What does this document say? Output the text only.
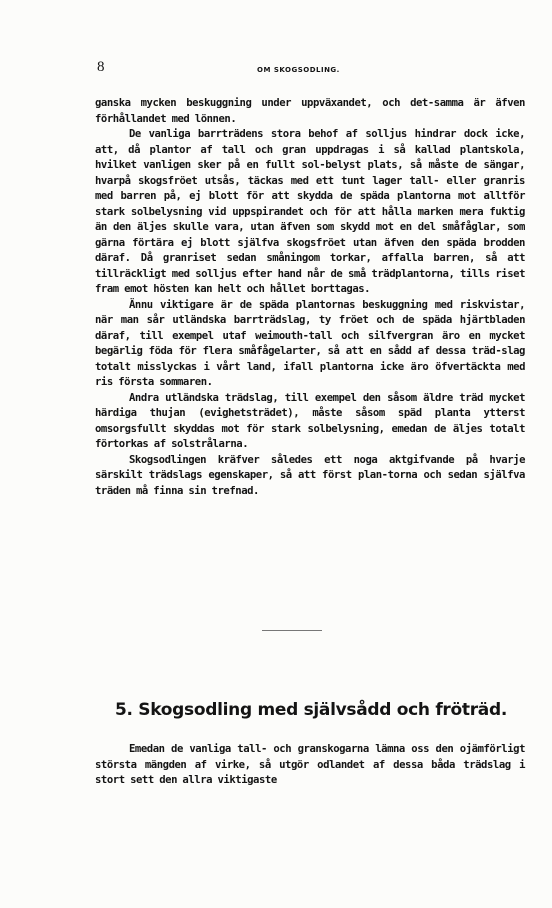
8	OM SKOGSODLING.

ganska mycken beskuggning under uppväxandet, och det-samma är äfven förhållandet med lönnen.

De vanliga barrträdens stora behof af solljus hindrar dock icke, att, då plantor af tall och gran uppdragas i så kallad plantskola, hvilket vanligen sker på en fullt sol-belyst plats, så måste de sängar, hvarpå skogsfröet utsås, täckas med ett tunt lager tall- eller granris med barren på, ej blott för att skydda de späda plantorna mot alltför stark solbelysning vid uppspirandet och för att hålla marken mera fuktig än den äljes skulle vara, utan äfven som skydd mot en del småfåglar, som gärna förtära ej blott själfva skogsfröet utan äfven den späda brodden däraf. Då granriset sedan småningom torkar, affalla barren, så att tillräckligt med solljus efter hand når de små trädplantorna, tills riset fram emot hösten kan helt och hållet borttagas.

Ännu viktigare är de späda plantornas beskuggning med riskvistar, när man sår utländska barrträdslag, ty fröet och de späda hjärtbladen däraf, till exempel utaf weimouth-tall och silfvergran äro en mycket begärlig föda för flera småfågelarter, så att en sådd af dessa träd-slag totalt misslyckas i vårt land, ifall plantorna icke äro öfvertäckta med ris första sommaren.

Andra utländska trädslag, till exempel den såsom äldre träd mycket härdiga thujan (evighetsträdet), måste såsom späd planta ytterst omsorgsfullt skyddas mot för stark solbelysning, emedan de äljes totalt förtorkas af solstrålarna.

Skogsodlingen kräfver således ett noga aktgifvande på hvarje särskilt trädslags egenskaper, så att först plan-torna och sedan själfva träden må finna sin trefnad.

5. Skogsodling med självsådd och fröträd.

Emedan de vanliga tall- och granskogarna lämna oss den ojämförligt största mängden af virke, så utgör odlandet af dessa båda trädslag i stort sett den allra viktigaste
